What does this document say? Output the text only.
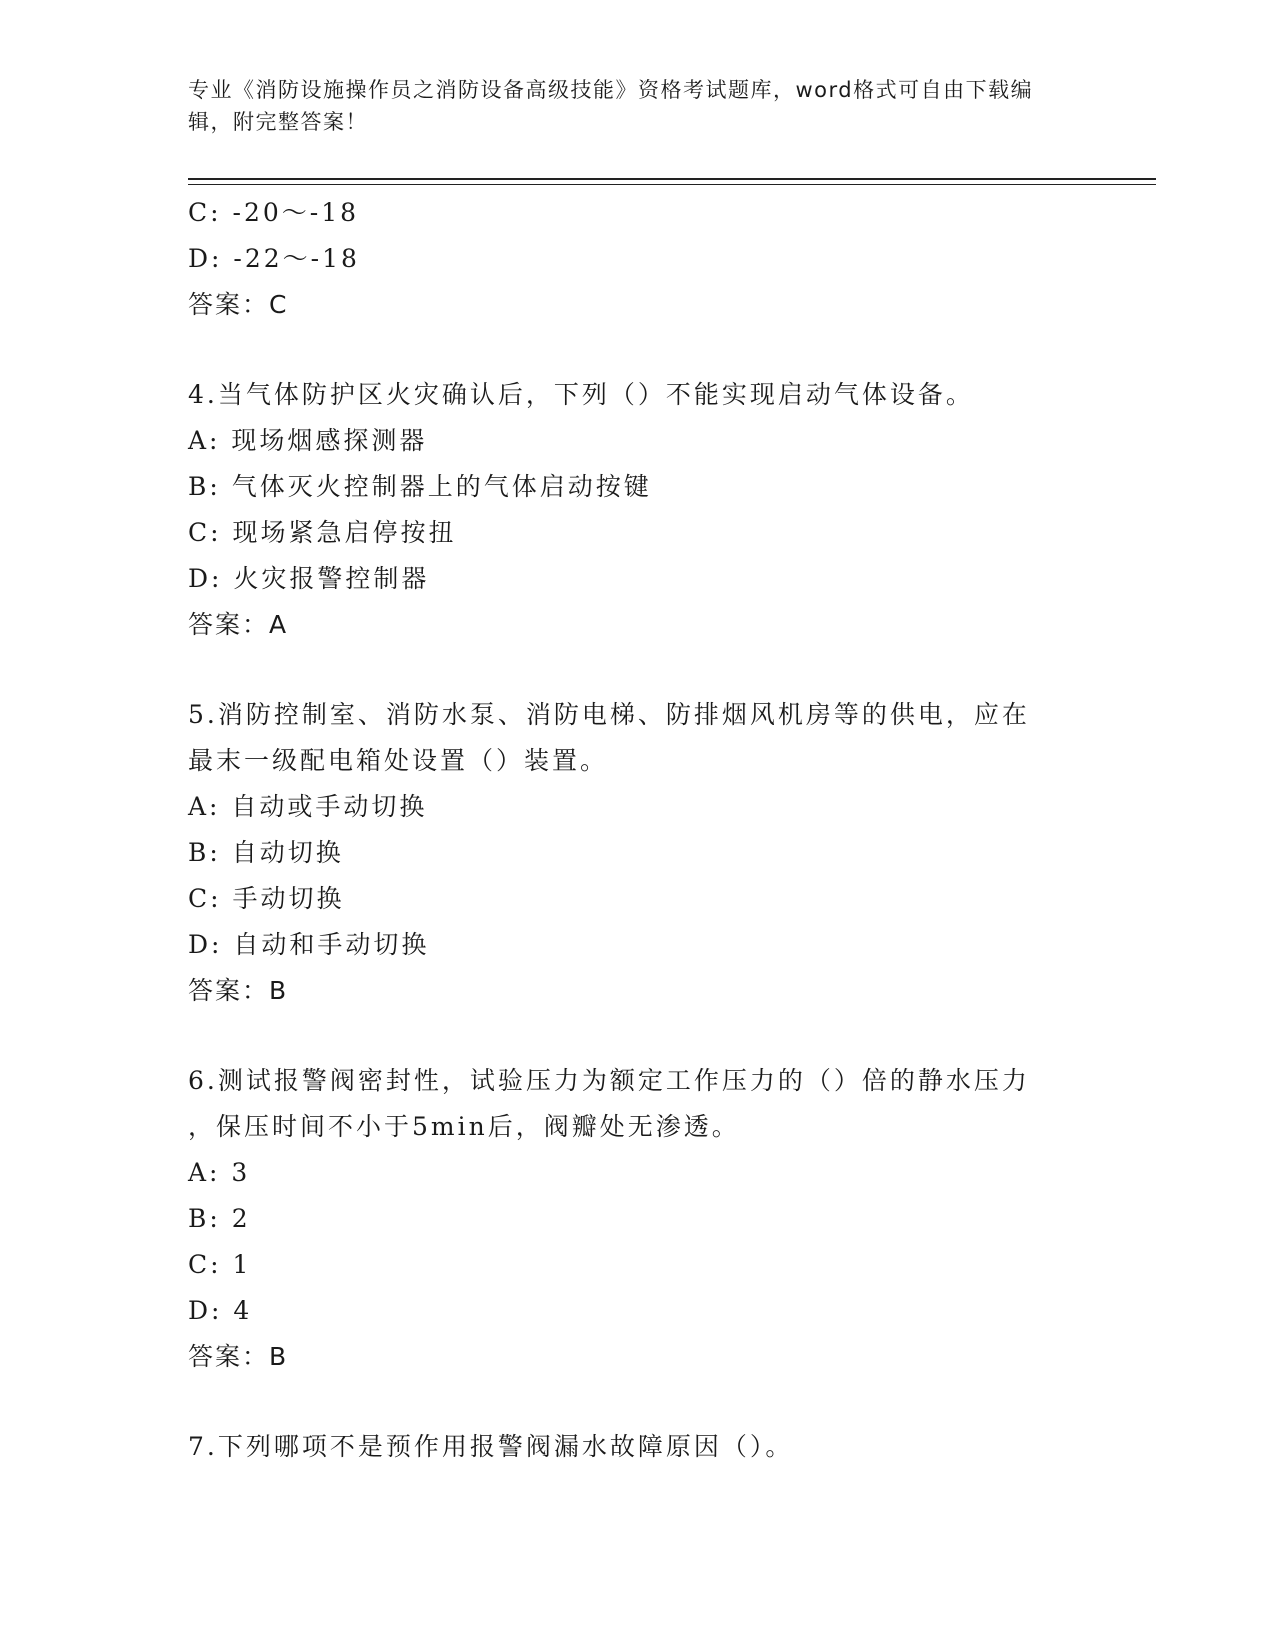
专业《消防设施操作员之消防设备高级技能》资格考试题库，word格式可自由下载编辑，附完整答案！
C: -20～-18
D: -22～-18
答案：C
4.当气体防护区火灾确认后，下列（）不能实现启动气体设备。
A: 现场烟感探测器
B: 气体灭火控制器上的气体启动按键
C: 现场紧急启停按扭
D: 火灾报警控制器
答案：A
5.消防控制室、消防水泵、消防电梯、防排烟风机房等的供电，应在
最末一级配电箱处设置（）装置。
A: 自动或手动切换
B: 自动切换
C: 手动切换
D: 自动和手动切换
答案：B
6.测试报警阀密封性，试验压力为额定工作压力的（）倍的静水压力
，保压时间不小于5min后，阀瓣处无渗透。
A: 3
B: 2
C: 1
D: 4
答案：B
7.下列哪项不是预作用报警阀漏水故障原因（）。
